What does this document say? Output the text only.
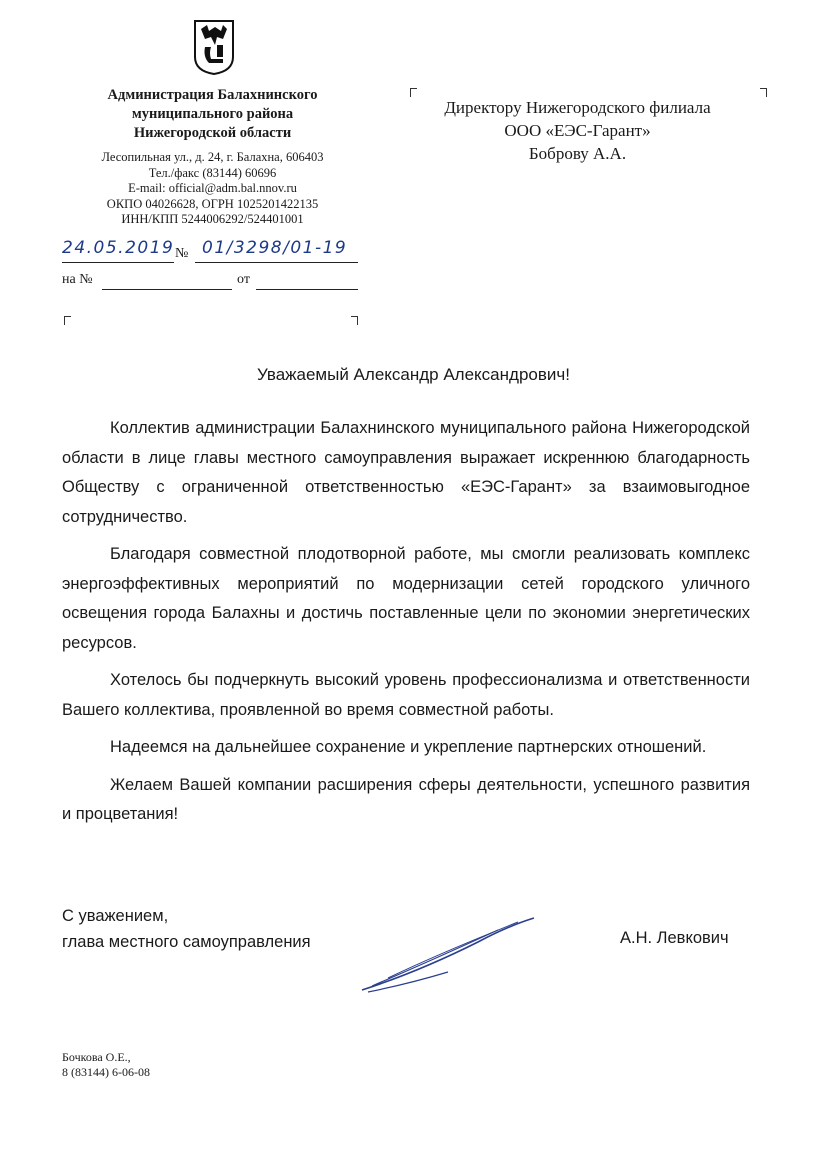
Администрация Балахнинского
муниципального района
Нижегородской области
Лесопильная ул., д. 24, г. Балахна, 606403
Тел./факс (83144) 60696
E-mail: official@adm.bal.nnov.ru
ОКПО 04026628, ОГРН 1025201422135
ИНН/КПП 5244006292/524401001
24.05.2019 № 01/3298/01-19
на №	от
Директору Нижегородского филиала
ООО «ЕЭС-Гарант»
Боброву А.А.
Уважаемый Александр Александрович!

Коллектив администрации Балахнинского муниципального района Нижегородской области в лице главы местного самоуправления выражает искреннюю благодарность Обществу с ограниченной ответственностью «ЕЭС-Гарант» за взаимовыгодное сотрудничество.

Благодаря совместной плодотворной работе, мы смогли реализовать комплекс энергоэффективных мероприятий по модернизации сетей городского уличного освещения города Балахны и достичь поставленные цели по экономии энергетических ресурсов.

Хотелось бы подчеркнуть высокий уровень профессионализма и ответственности Вашего коллектива, проявленной во время совместной работы.

Надеемся на дальнейшее сохранение и укрепление партнерских отношений.

Желаем Вашей компании расширения сферы деятельности, успешного развития и процветания!

С уважением,
глава местного самоуправления	А.Н. Левкович
Бочкова О.Е.,
8 (83144) 6-06-08
